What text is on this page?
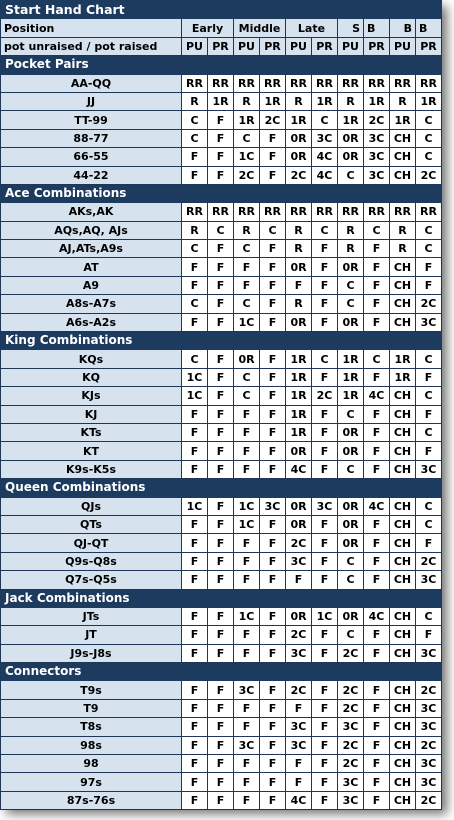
Start Hand Chart										
Position	Early		Middle		Late		S	B	B	B
pot unraised / pot raised	PU	PR	PU	PR	PU	PR	PU	PR	PU	PR
Pocket Pairs										
AA-QQ	RR	RR	RR	RR	RR	RR	RR	RR	RR	RR
JJ	R	1R	R	1R	R	1R	R	1R	R	1R
TT-99	C	F	1R	2C	1R	C	1R	2C	1R	C
88-77	C	F	C	F	0R	3C	0R	3C	CH	C
66-55	F	F	1C	F	0R	4C	0R	3C	CH	C
44-22	F	F	2C	F	2C	4C	C	3C	CH	2C
Ace Combinations										
AKs,AK	RR	RR	RR	RR	RR	RR	RR	RR	RR	RR
AQs,AQ, AJs	R	C	R	C	R	C	R	C	R	C
AJ,ATs,A9s	C	F	C	F	R	F	R	F	R	C
AT	F	F	F	F	0R	F	0R	F	CH	F
A9	F	F	F	F	F	F	C	F	CH	F
A8s-A7s	C	F	C	F	R	F	C	F	CH	2C
A6s-A2s	F	F	1C	F	0R	F	0R	F	CH	3C
King Combinations										
KQs	C	F	0R	F	1R	C	1R	C	1R	C
KQ	1C	F	C	F	1R	F	1R	F	1R	F
KJs	1C	F	C	F	1R	2C	1R	4C	CH	C
KJ	F	F	F	F	1R	F	C	F	CH	F
KTs	F	F	F	F	1R	F	0R	F	CH	C
KT	F	F	F	F	0R	F	0R	F	CH	F
K9s-K5s	F	F	F	F	4C	F	C	F	CH	3C
Queen Combinations										
QJs	1C	F	1C	3C	0R	3C	0R	4C	CH	C
QTs	F	F	1C	F	0R	F	0R	F	CH	C
QJ-QT	F	F	F	F	2C	F	0R	F	CH	F
Q9s-Q8s	F	F	F	F	3C	F	C	F	CH	2C
Q7s-Q5s	F	F	F	F	F	F	C	F	CH	3C
Jack Combinations										
JTs	F	F	1C	F	0R	1C	0R	4C	CH	C
JT	F	F	F	F	2C	F	C	F	CH	F
J9s-J8s	F	F	F	F	3C	F	2C	F	CH	3C
Connectors										
T9s	F	F	3C	F	2C	F	2C	F	CH	2C
T9	F	F	F	F	F	F	2C	F	CH	3C
T8s	F	F	F	F	3C	F	3C	F	CH	3C
98s	F	F	3C	F	3C	F	2C	F	CH	2C
98	F	F	F	F	F	F	2C	F	CH	3C
97s	F	F	F	F	F	F	3C	F	CH	3C
87s-76s	F	F	F	F	4C	F	3C	F	CH	2C
